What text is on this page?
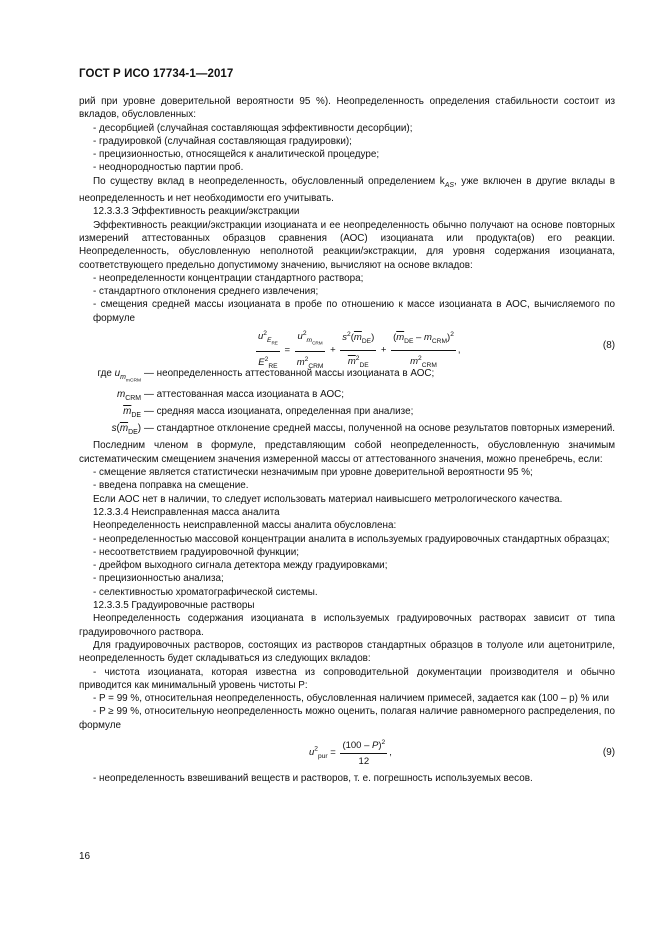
ГОСТ Р ИСО 17734-1—2017

рий при уровне доверительной вероятности 95 %). Неопределенность определения стабильности состоит из вкладов, обусловленных:

- десорбцией (случайная составляющая эффективности десорбции);

- градуировкой (случайная составляющая градуировки);

- прецизионностью, относящейся к аналитической процедуре;

- неоднородностью партии проб.

По существу вклад в неопределенность, обусловленный определением $k_{AS}$, уже включен в другие вклады в неопределенность и нет необходимости его учитывать.

12.3.3.3 Эффективность реакции/экстракции

Эффективность реакции/экстракции изоцианата и ее неопределенность обычно получают на основе повторных измерений аттестованных образцов сравнения (АОС) изоцианата или продукта(ов) его реакции. Неопределенность, обусловленную неполнотой реакции/экстракции, для уровня содержания изоцианата, соответствующего предельно допустимому значению, вычисляют на основе вкладов:

- неопределенности концентрации стандартного раствора;

- стандартного отклонения среднего извлечения;

- смещения средней массы изоцианата в пробе по отношению к массе изоцианата в АОС, вычисляемого по формуле

$\frac{u^2_{E_{RE}}}{E^2_{RE}} = \frac{u^2_{m_{CRM}}}{m^2_{CRM}} + \frac{s^2(\overline{m}_{DE})}{\overline{m}^2_{DE}} + \frac{(\overline{m}_{DE} - m_{CRM})^2}{m^2_{CRM}}$ ,	(8)
где $u_{m_{mCRM}}$
— неопределенность аттестованной массы изоцианата в АОС;
$m_{CRM}$ — аттестованная масса изоцианата в АОС;
$\overline{m}_{DE}$ — средняя масса изоцианата, определенная при анализе;
$s(\overline{m}_{DE})$ — стандартное отклонение средней массы, полученной на основе результатов повторных измерений.

Последним членом в формуле, представляющим собой неопределенность, обусловленную значимым систематическим смещением значения измеренной массы от аттестованного значения, можно пренебречь, если:

- смещение является статистически незначимым при уровне доверительной вероятности 95 %;

- введена поправка на смещение.

Если АОС нет в наличии, то следует использовать материал наивысшего метрологического качества.

12.3.3.4 Неисправленная масса аналита

Неопределенность неисправленной массы аналита обусловлена:

- неопределенностью массовой концентрации аналита в используемых градуировочных стандартных образцах;

- несоответствием градуировочной функции;

- дрейфом выходного сигнала детектора между градуировками;

- прецизионностью анализа;

- селективностью хроматографической системы.

12.3.3.5 Градуировочные растворы

Неопределенность содержания изоцианата в используемых градуировочных растворах зависит от типа градуировочного раствора.

Для градуировочных растворов, состоящих из растворов стандартных образцов в толуоле или ацетонитриле, неопределенность будет складываться из следующих вкладов:

- чистота изоцианата, которая известна из сопроводительной документации производителя и обычно приводится как минимальный уровень чистоты P:

- P = 99 %, относительная неопределенность, обусловленная наличием примесей, задается как (100 – p) % или

- P ≥ 99 %, относительную неопределенность можно оценить, полагая наличие равномерного распределения, по формуле

$u^2_{pur} = \frac{(100 - P)^2}{12}$ ,	(9)

- неопределенность взвешиваний веществ и растворов, т. е. погрешность используемых весов.

16
